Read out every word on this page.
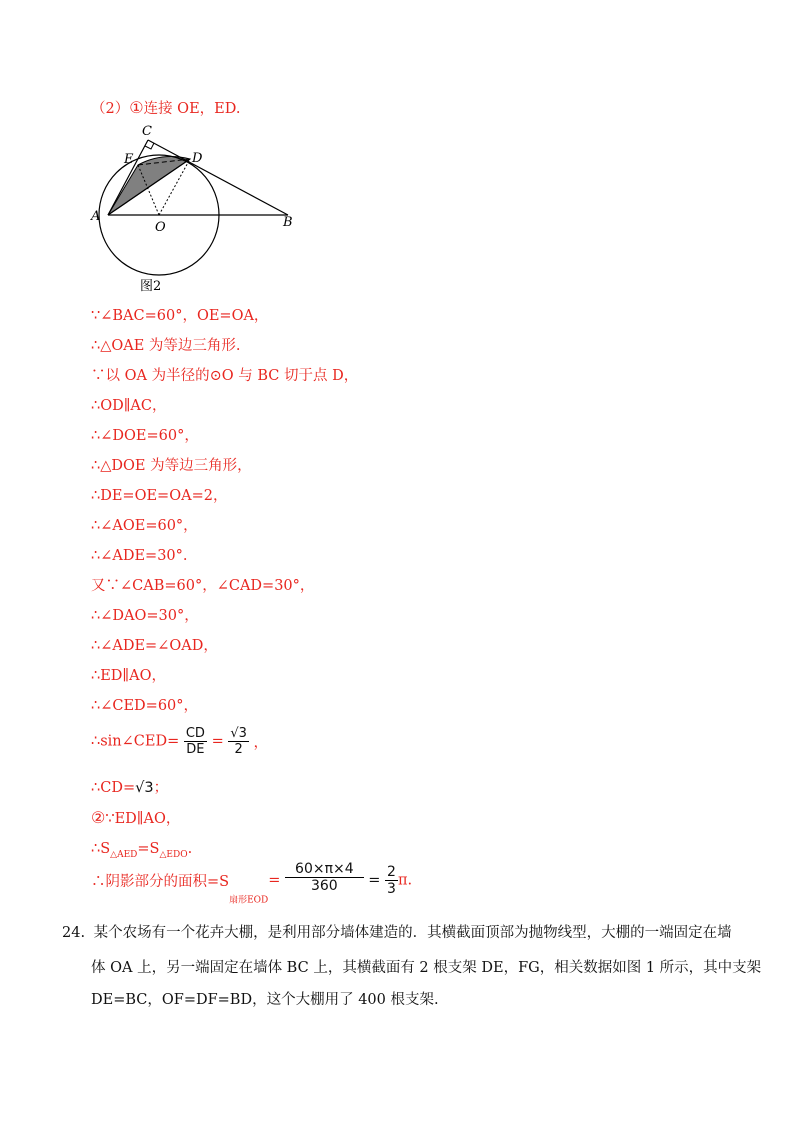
（2）①连接 OE，ED.
A	B
C
D
E
O
图2
∵∠BAC=60°，OE=OA，
∴△OAE 为等边三角形.
∵以 OA 为半径的⊙O 与 BC 切于点 D，
∴OD∥AC，
∴∠DOE=60°，
∴△DOE 为等边三角形，
∴DE=OE=OA=2，
∴∠AOE=60°，
∴∠ADE=30°.
又∵∠CAB=60°，∠CAD=30°，
∴∠DAO=30°，
∴∠ADE=∠OAD，
∴ED∥AO，
∴∠CED=60°，
∴sin∠CED= $\frac{CD}{DE} = \frac{√3}{2}$ ，
∴CD=√3；
②∵ED∥AO，
$\therefore S_{\triangle AED}=S_{\triangle EDO}$.
∴阴影部分的面积$=S_{扇形EOD}= \frac{60\times\pi\times 4}{360} = \frac{2}{3} \pi$.
24. 某个农场有一个花卉大棚，是利用部分墙体建造的．其横截面顶部为抛物线型，大棚的一端固定在墙
体 OA 上，另一端固定在墙体 BC 上，其横截面有 2 根支架 DE，FG，相关数据如图 1 所示，其中支架
DE=BC，OF=DF=BD，这个大棚用了 400 根支架.
